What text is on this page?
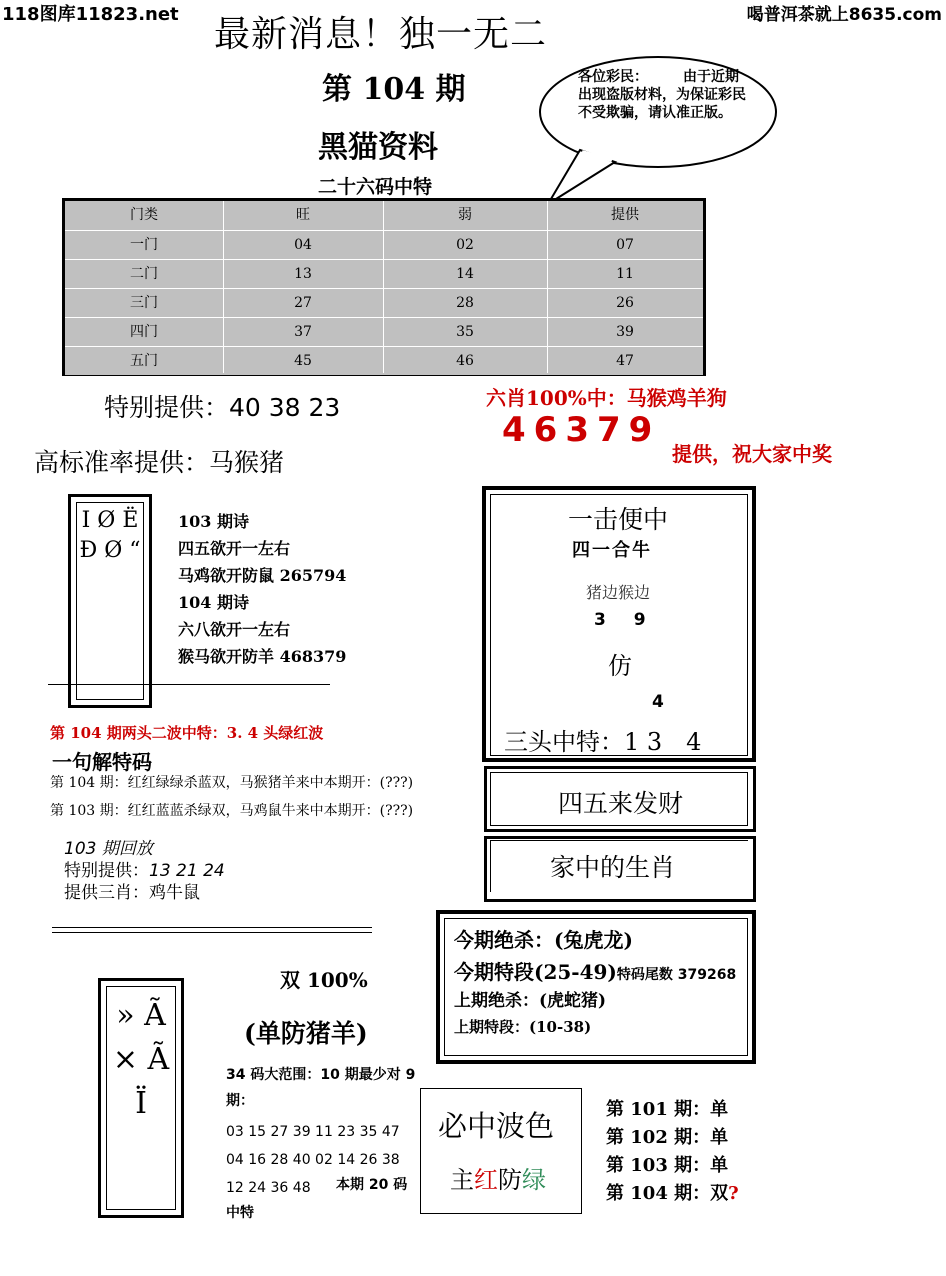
118图库11823.net	喝普洱茶就上8635.com
最新消息！独一无二
第 104 期
黑猫资料
二十六码中特
各位彩民：　　　由于近期出现盗版材料，为保证彩民不受欺骗，请认准正版。
门类	旺	弱	提供
一门	04	02	07
二门	13	14	11
三门	27	28	26
四门	37	35	39
五门	45	46	47
特别提供：40 38 23	六肖100%中：马猴鸡羊狗
46379
提供，祝大家中奖
高标准率提供：马猴猪
I Ø Ë Ð Ø “
103 期诗
四五欲开一左右
马鸡欲开防鼠 265794
104 期诗
六八欲开一左右
猴马欲开防羊 468379
第 104 期两头二波中特：3. 4 头绿红波
一句解特码
第 104 期：红红绿绿杀蓝双，马猴猪羊来中本期开：(???)
第 103 期：红红蓝蓝杀绿双，马鸡鼠牛来中本期开：(???)
103 期回放
特别提供：13 21 24
提供三肖：鸡牛鼠
一击便中
四一合牛
猪边猴边
3 9
仿
4
三头中特：1 3　4
四五来发财
家中的生肖
今期绝杀：(兔虎龙)
今期特段(25-49)特码尾数 379268
上期绝杀：(虎蛇猪)
上期特段：(10-38)
» Ã × Ã Ï
双 100%
(单防猪羊)
34 码大范围：10 期最少对 9 期：
03 15 27 39 11 23 35 47
04 16 28 40 02 14 26 38
12 24 36 48	本期 20 码
中特
必中波色
主红防绿
第 101 期：单
第 102 期：单
第 103 期：单
第 104 期：双?
